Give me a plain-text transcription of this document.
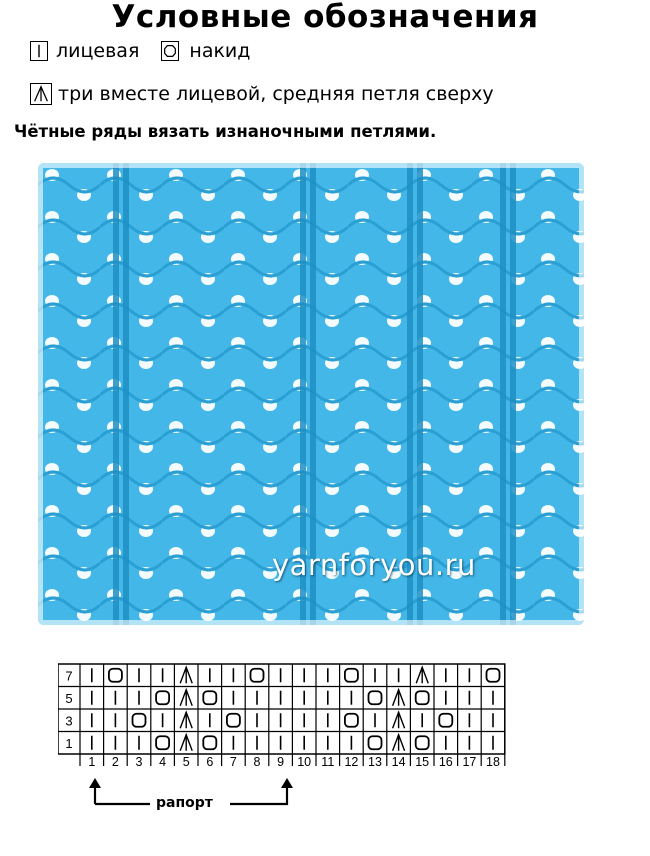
Условные обозначения
лицевая	накид
три вместе лицевой, средняя петля сверху
Чётные ряды вязать изнаночными петлями.
yarnforyou.ru
7
5
3
1
1 2 3 4 5 6 7 8 9 10 11 12 13 14 15 16 17 18
рапорт
